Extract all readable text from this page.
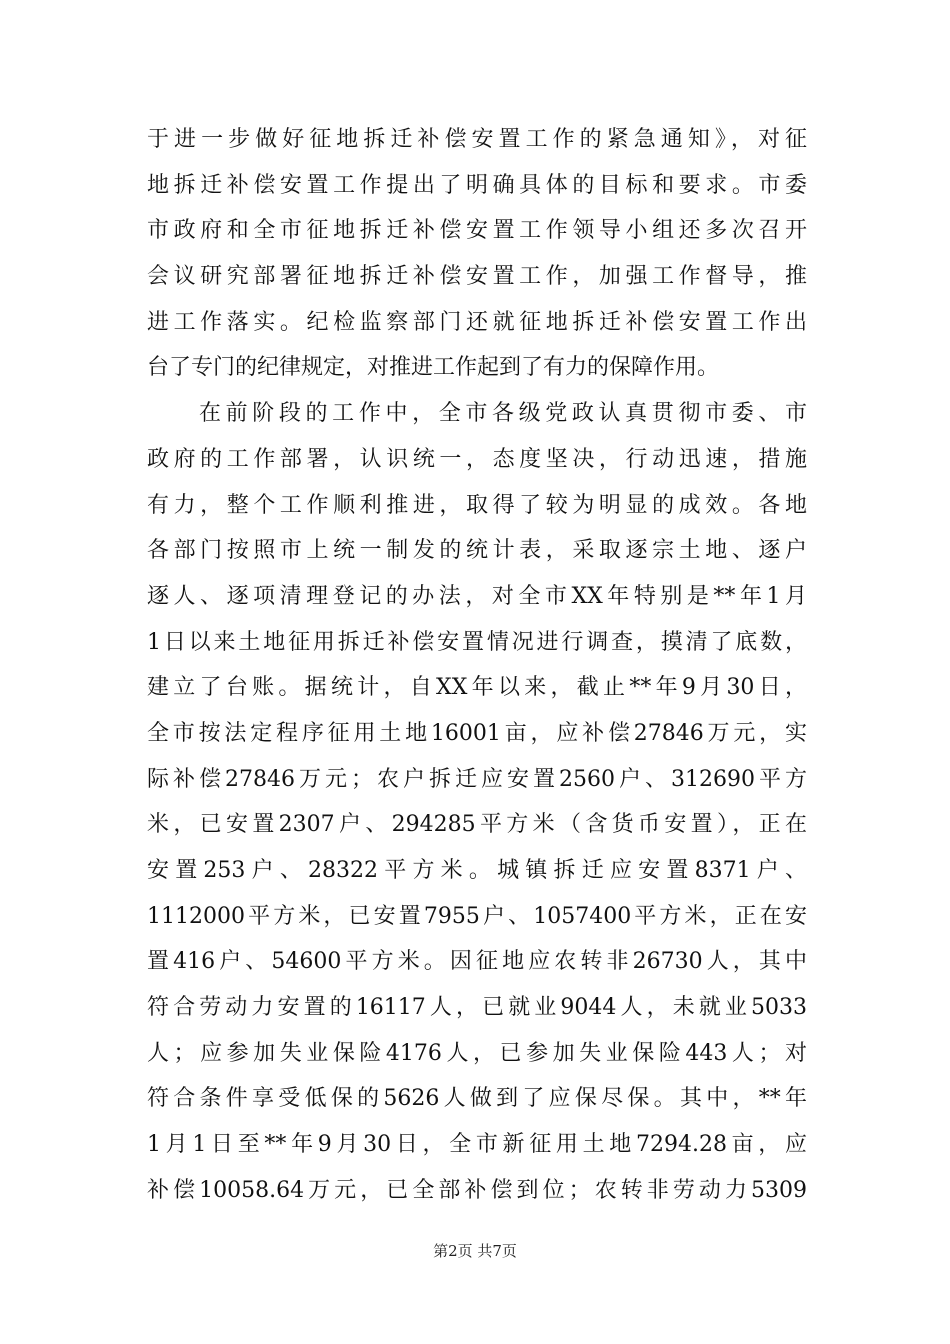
于进一步做好征地拆迁补偿安置工作的紧急通知》，对征
地拆迁补偿安置工作提出了明确具体的目标和要求。市委
市政府和全市征地拆迁补偿安置工作领导小组还多次召开
会议研究部署征地拆迁补偿安置工作，加强工作督导，推
进工作落实。纪检监察部门还就征地拆迁补偿安置工作出
台了专门的纪律规定，对推进工作起到了有力的保障作用。
在前阶段的工作中，全市各级党政认真贯彻市委、市
政府的工作部署，认识统一，态度坚决，行动迅速，措施
有力，整个工作顺利推进，取得了较为明显的成效。各地
各部门按照市上统一制发的统计表，采取逐宗土地、逐户
逐人、逐项清理登记的办法，对全市XX年特别是**年1月
1日以来土地征用拆迁补偿安置情况进行调查，摸清了底数，
建立了台账。据统计，自XX年以来，截止**年9月30日，
全市按法定程序征用土地16001亩，应补偿27846万元，实
际补偿27846万元；农户拆迁应安置2560户、312690平方
米，已安置2307户、294285平方米（含货币安置），正在
安置253户、28322平方米。城镇拆迁应安置8371户、
1112000平方米，已安置7955户、1057400平方米，正在安
置416户、54600平方米。因征地应农转非26730人，其中
符合劳动力安置的16117人，已就业9044人，未就业5033
人；应参加失业保险4176人，已参加失业保险443人；对
符合条件享受低保的5626人做到了应保尽保。其中，**年
1月1日至**年9月30日，全市新征用土地7294.28亩，应
补偿10058.64万元，已全部补偿到位；农转非劳动力5309
第2页 共7页
